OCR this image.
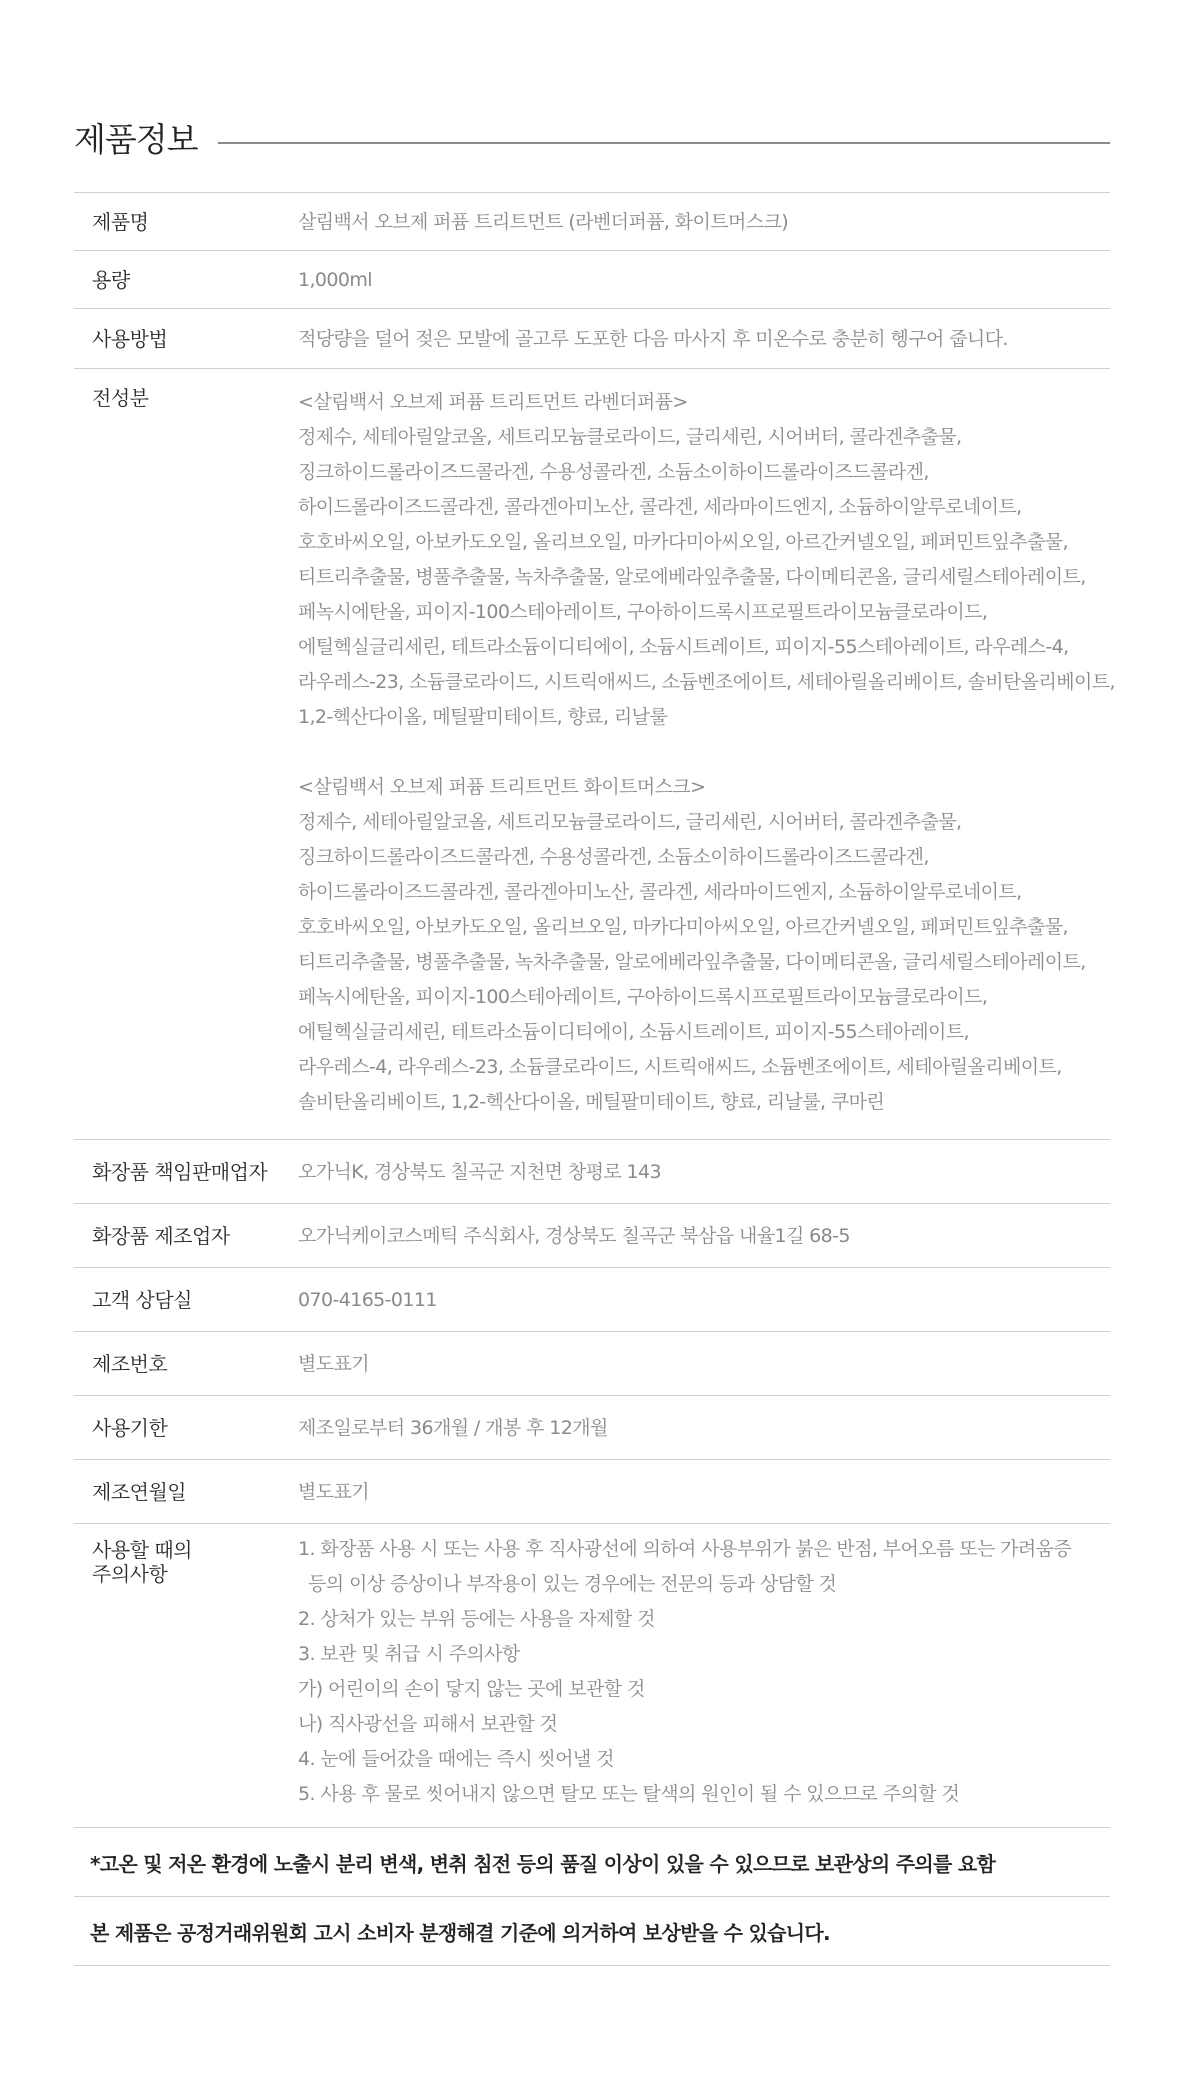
제품정보
제품명	살림백서 오브제 퍼퓸 트리트먼트 (라벤더퍼퓸, 화이트머스크)
용량	1,000ml
사용방법	적당량을 덜어 젖은 모발에 골고루 도포한 다음 마사지 후 미온수로 충분히 헹구어 줍니다.
전성분	<살림백서 오브제 퍼퓸 트리트먼트 라벤더퍼퓸>

정제수, 세테아릴알코올, 세트리모늄클로라이드, 글리세린, 시어버터, 콜라겐추출물,

징크하이드롤라이즈드콜라겐, 수용성콜라겐, 소듐소이하이드롤라이즈드콜라겐,

하이드롤라이즈드콜라겐, 콜라겐아미노산, 콜라겐, 세라마이드엔지, 소듐하이알루로네이트,

호호바씨오일, 아보카도오일, 올리브오일, 마카다미아씨오일, 아르간커넬오일, 페퍼민트잎추출물,

티트리추출물, 병풀추출물, 녹차추출물, 알로에베라잎추출물, 다이메티콘올, 글리세릴스테아레이트,

페녹시에탄올, 피이지-100스테아레이트, 구아하이드록시프로필트라이모늄클로라이드,

에틸헥실글리세린, 테트라소듐이디티에이, 소듐시트레이트, 피이지-55스테아레이트, 라우레스-4,

라우레스-23, 소듐클로라이드, 시트릭애씨드, 소듐벤조에이트, 세테아릴올리베이트, 솔비탄올리베이트,

1,2-헥산다이올, 메틸팔미테이트, 향료, 리날룰

<살림백서 오브제 퍼퓸 트리트먼트 화이트머스크>

정제수, 세테아릴알코올, 세트리모늄클로라이드, 글리세린, 시어버터, 콜라겐추출물,

징크하이드롤라이즈드콜라겐, 수용성콜라겐, 소듐소이하이드롤라이즈드콜라겐,

하이드롤라이즈드콜라겐, 콜라겐아미노산, 콜라겐, 세라마이드엔지, 소듐하이알루로네이트,

호호바씨오일, 아보카도오일, 올리브오일, 마카다미아씨오일, 아르간커넬오일, 페퍼민트잎추출물,

티트리추출물, 병풀추출물, 녹차추출물, 알로에베라잎추출물, 다이메티콘올, 글리세릴스테아레이트,

페녹시에탄올, 피이지-100스테아레이트, 구아하이드록시프로필트라이모늄클로라이드,

에틸헥실글리세린, 테트라소듐이디티에이, 소듐시트레이트, 피이지-55스테아레이트,

라우레스-4, 라우레스-23, 소듐클로라이드, 시트릭애씨드, 소듐벤조에이트, 세테아릴올리베이트,

솔비탄올리베이트, 1,2-헥산다이올, 메틸팔미테이트, 향료, 리날룰, 쿠마린

화장품 책임판매업자	오가닉K, 경상북도 칠곡군 지천면 창평로 143
화장품 제조업자	오가닉케이코스메틱 주식회사, 경상북도 칠곡군 북삼읍 내율1길 68-5
고객 상담실	070-4165-0111
제조번호	별도표기
사용기한	제조일로부터 36개월 / 개봉 후 12개월
제조연월일	별도표기
사용할 때의
주의사항

1. 화장품 사용 시 또는 사용 후 직사광선에 의하여 사용부위가 붉은 반점, 부어오름 또는 가려움증

등의 이상 증상이나 부작용이 있는 경우에는 전문의 등과 상담할 것

2. 상처가 있는 부위 등에는 사용을 자제할 것

3. 보관 및 취급 시 주의사항

가) 어린이의 손이 닿지 않는 곳에 보관할 것

나) 직사광선을 피해서 보관할 것

4. 눈에 들어갔을 때에는 즉시 씻어낼 것

5. 사용 후 물로 씻어내지 않으면 탈모 또는 탈색의 원인이 될 수 있으므로 주의할 것

*고온 및 저온 환경에 노출시 분리 변색, 변취 침전 등의 품질 이상이 있을 수 있으므로 보관상의 주의를 요함
본 제품은 공정거래위원회 고시 소비자 분쟁해결 기준에 의거하여 보상받을 수 있습니다.
